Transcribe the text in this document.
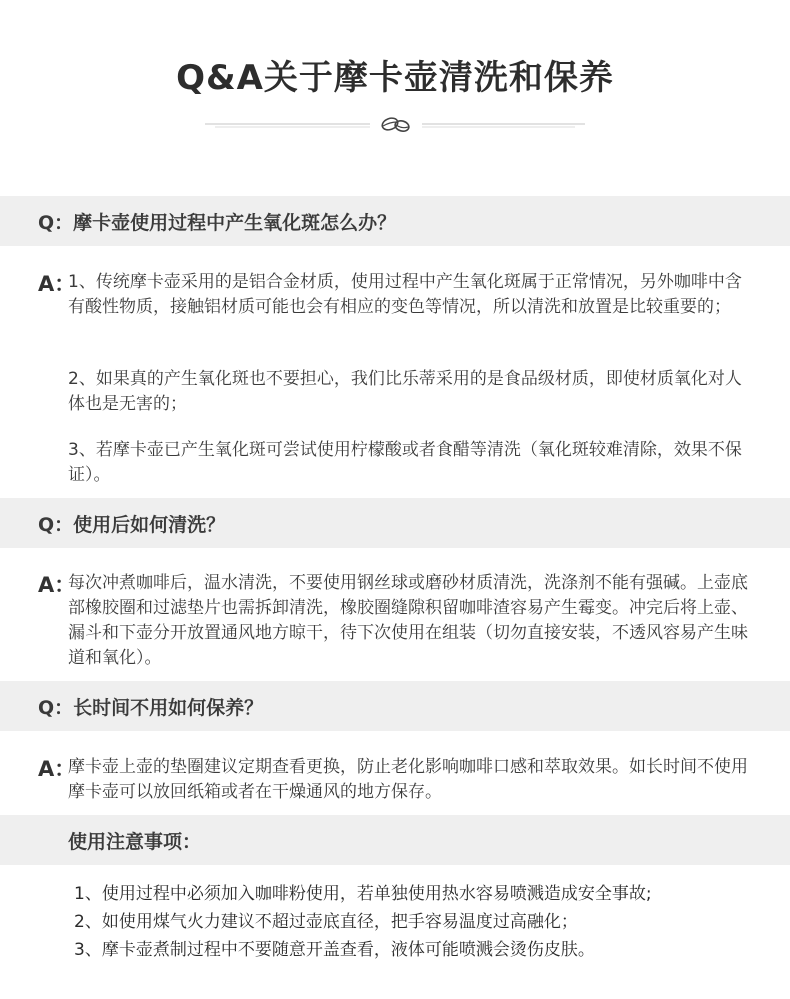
Q&A关于摩卡壶清洗和保养
Q：摩卡壶使用过程中产生氧化斑怎么办？
A：

1、传统摩卡壶采用的是铝合金材质，使用过程中产生氧化斑属于正常情况，另外咖啡中含有酸性物质，接触铝材质可能也会有相应的变色等情况，所以清洗和放置是比较重要的；

2、如果真的产生氧化斑也不要担心，我们比乐蒂采用的是食品级材质，即使材质氧化对人体也是无害的；

3、若摩卡壶已产生氧化斑可尝试使用柠檬酸或者食醋等清洗（氧化斑较难清除，效果不保证）。

Q：使用后如何清洗？
A：

每次冲煮咖啡后，温水清洗，不要使用钢丝球或磨砂材质清洗，洗涤剂不能有强碱。上壶底部橡胶圈和过滤垫片也需拆卸清洗，橡胶圈缝隙积留咖啡渣容易产生霉变。冲完后将上壶、漏斗和下壶分开放置通风地方晾干，待下次使用在组装（切勿直接安装，不透风容易产生味道和氧化）。

Q：长时间不用如何保养？
A：

摩卡壶上壶的垫圈建议定期查看更换，防止老化影响咖啡口感和萃取效果。如长时间不使用摩卡壶可以放回纸箱或者在干燥通风的地方保存。

使用注意事项：
1、使用过程中必须加入咖啡粉使用，若单独使用热水容易喷溅造成安全事故;
2、如使用煤气火力建议不超过壶底直径，把手容易温度过高融化；
3、摩卡壶煮制过程中不要随意开盖查看，液体可能喷溅会烫伤皮肤。
